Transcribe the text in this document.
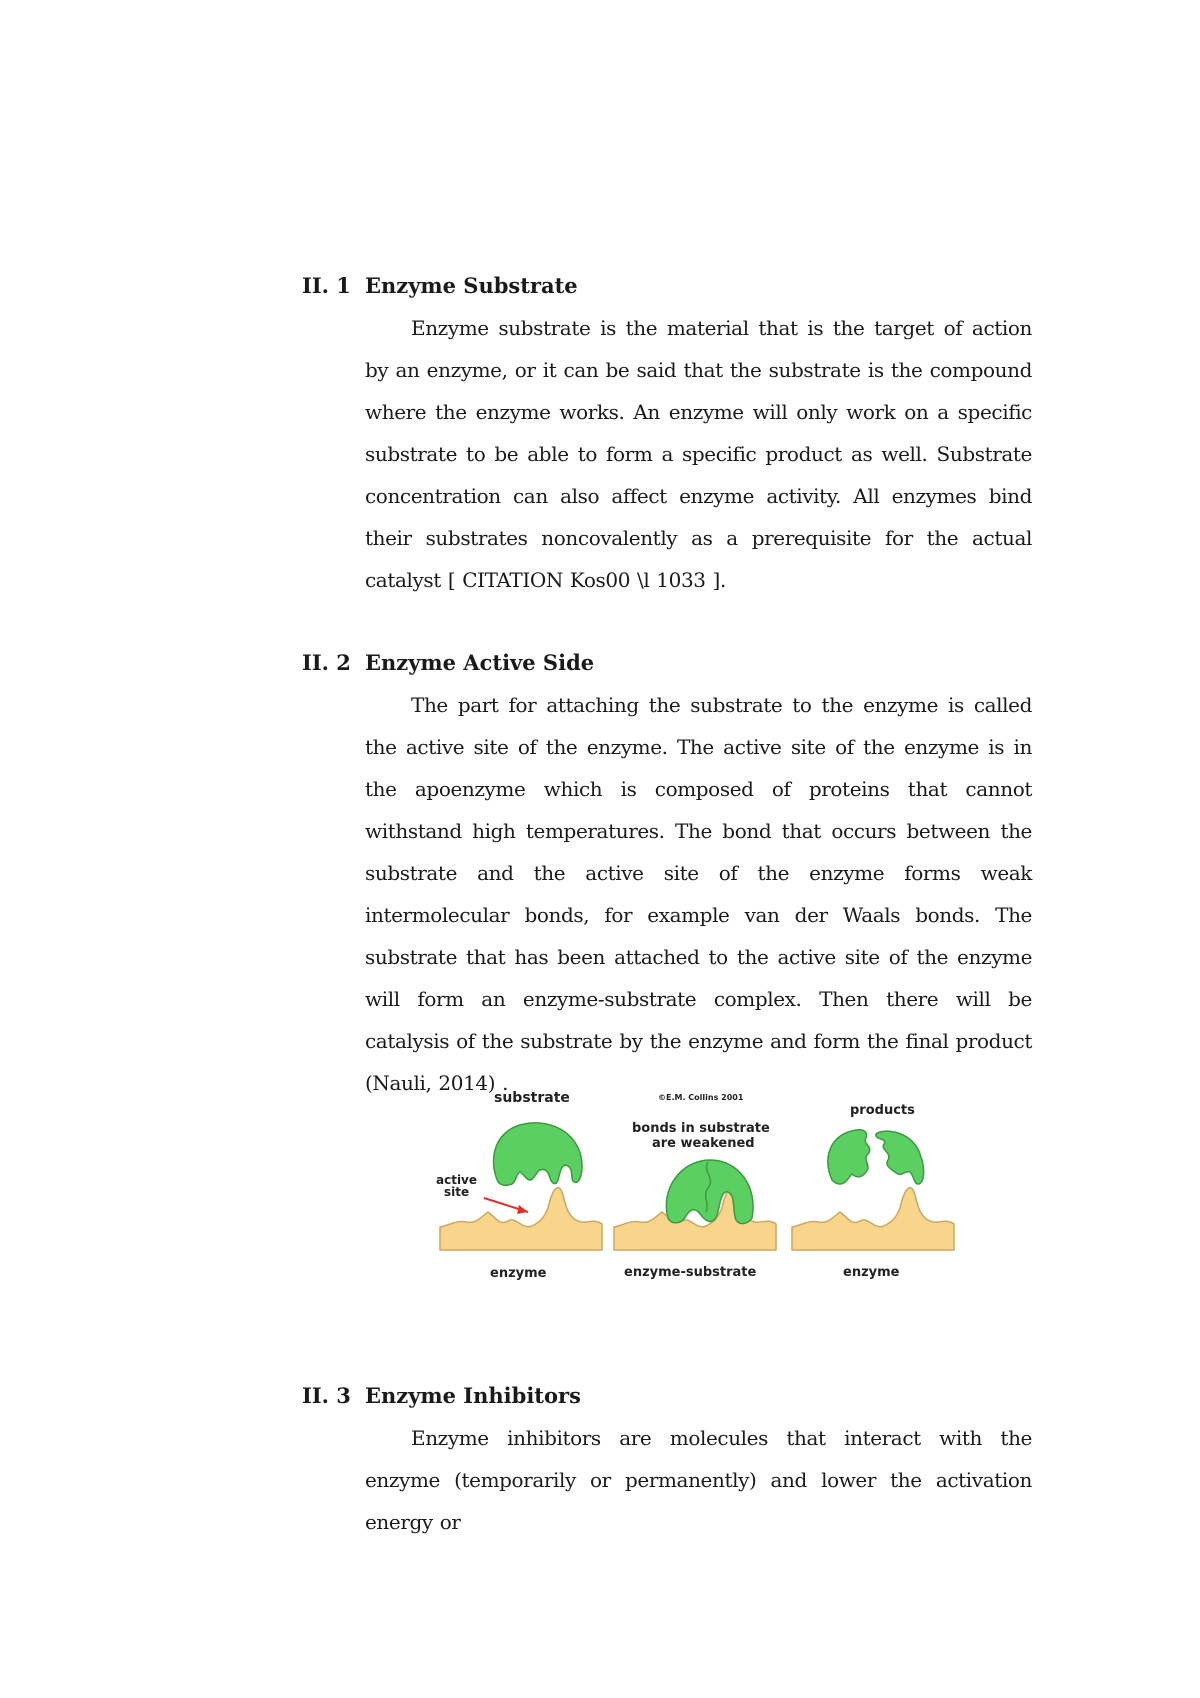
II. 1 Enzyme Substrate
Enzyme substrate is the material that is the target of action by an enzyme, or it can be said that the substrate is the compound where the enzyme works. An enzyme will only work on a specific substrate to be able to form a specific product as well. Substrate concentration can also affect enzyme activity. All enzymes bind their substrates noncovalently as a prerequisite for the actual catalyst [ CITATION Kos00 \l 1033 ].
II. 2 Enzyme Active Side
The part for attaching the substrate to the enzyme is called the active site of the enzyme. The active site of the enzyme is in the apoenzyme which is composed of proteins that cannot withstand high temperatures. The bond that occurs between the substrate and the active site of the enzyme forms weak intermolecular bonds, for example van der Waals bonds. The substrate that has been attached to the active site of the enzyme will form an enzyme-substrate complex. Then there will be catalysis of the substrate by the enzyme and form the final product (Nauli, 2014) .
substrate	©E.M. Collins 2001
bonds in substrate
are weakened
products
active
site
enzyme	enzyme-substrate	enzyme
II. 3 Enzyme Inhibitors
Enzyme inhibitors are molecules that interact with the enzyme (temporarily or permanently) and lower the activation energy or
